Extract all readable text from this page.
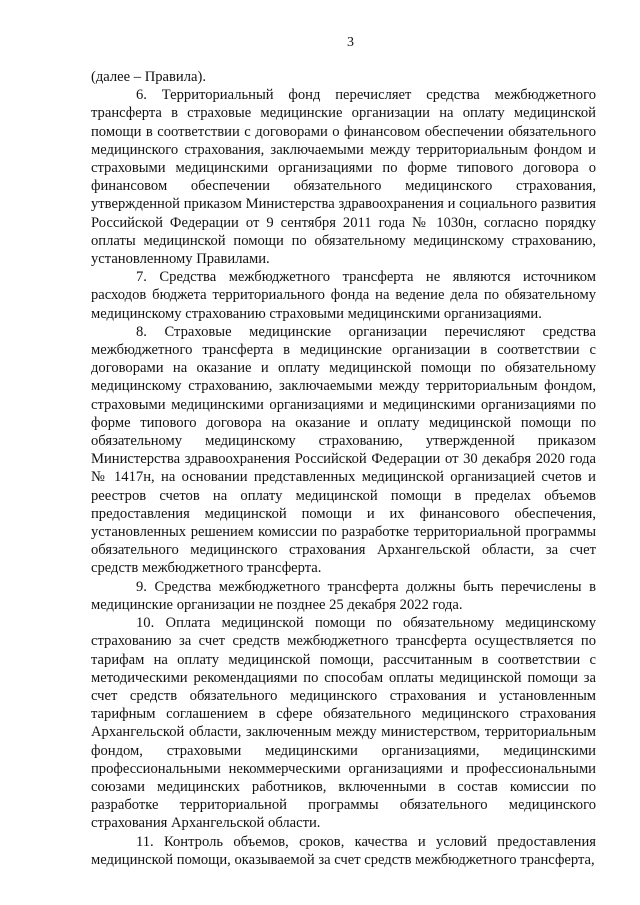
3

(далее – Правила).

6. Территориальный фонд перечисляет средства межбюджетного трансферта в страховые медицинские организации на оплату медицинской помощи в соответствии с договорами о финансовом обеспечении обязательного медицинского страхования, заключаемыми между территориальным фондом и страховыми медицинскими организациями по форме типового договора о финансовом обеспечении обязательного медицинского страхования, утвержденной приказом Министерства здравоохранения и социального развития Российской Федерации от 9 сентября 2011 года № 1030н, согласно порядку оплаты медицинской помощи по обязательному медицинскому страхованию, установленному Правилами.

7. Средства межбюджетного трансферта не являются источником расходов бюджета территориального фонда на ведение дела по обязательному медицинскому страхованию страховыми медицинскими организациями.

8. Страховые медицинские организации перечисляют средства межбюджетного трансферта в медицинские организации в соответствии с договорами на оказание и оплату медицинской помощи по обязательному медицинскому страхованию, заключаемыми между территориальным фондом, страховыми медицинскими организациями и медицинскими организациями по форме типового договора на оказание и оплату медицинской помощи по обязательному медицинскому страхованию, утвержденной приказом Министерства здравоохранения Российской Федерации от 30 декабря 2020 года № 1417н, на основании представленных медицинской организацией счетов и реестров счетов на оплату медицинской помощи в пределах объемов предоставления медицинской помощи и их финансового обеспечения, установленных решением комиссии по разработке территориальной программы обязательного медицинского страхования Архангельской области, за счет средств межбюджетного трансферта.

9. Средства межбюджетного трансферта должны быть перечислены в медицинские организации не позднее 25 декабря 2022 года.

10. Оплата медицинской помощи по обязательному медицинскому страхованию за счет средств межбюджетного трансферта осуществляется по тарифам на оплату медицинской помощи, рассчитанным в соответствии с методическими рекомендациями по способам оплаты медицинской помощи за счет средств обязательного медицинского страхования и установленным тарифным соглашением в сфере обязательного медицинского страхования Архангельской области, заключенным между министерством, территориальным фондом, страховыми медицинскими организациями, медицинскими профессиональными некоммерческими организациями и профессиональными союзами медицинских работников, включенными в состав комиссии по разработке территориальной программы обязательного медицинского страхования Архангельской области.

11. Контроль объемов, сроков, качества и условий предоставления медицинской помощи, оказываемой за счет средств межбюджетного трансферта,
